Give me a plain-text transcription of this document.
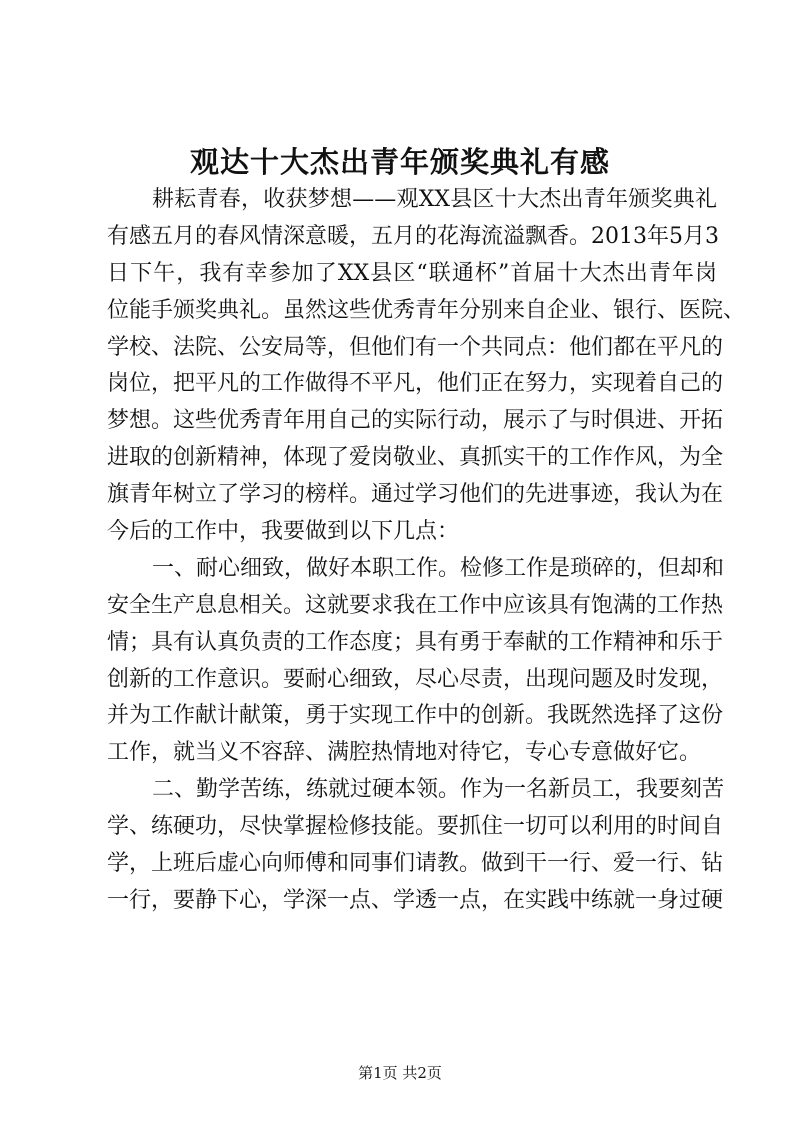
观达十大杰出青年颁奖典礼有感
耕耘青春，收获梦想——观XX县区十大杰出青年颁奖典礼
有感五月的春风情深意暖，五月的花海流溢飘香。2013年5月3
日下午，我有幸参加了XX县区“联通杯”首届十大杰出青年岗
位能手颁奖典礼。虽然这些优秀青年分别来自企业、银行、医院、
学校、法院、公安局等，但他们有一个共同点：他们都在平凡的
岗位，把平凡的工作做得不平凡，他们正在努力，实现着自己的
梦想。这些优秀青年用自己的实际行动，展示了与时俱进、开拓
进取的创新精神，体现了爱岗敬业、真抓实干的工作作风，为全
旗青年树立了学习的榜样。通过学习他们的先进事迹，我认为在
今后的工作中，我要做到以下几点：
一、耐心细致，做好本职工作。检修工作是琐碎的，但却和
安全生产息息相关。这就要求我在工作中应该具有饱满的工作热
情；具有认真负责的工作态度；具有勇于奉献的工作精神和乐于
创新的工作意识。要耐心细致，尽心尽责，出现问题及时发现，
并为工作献计献策，勇于实现工作中的创新。我既然选择了这份
工作，就当义不容辞、满腔热情地对待它，专心专意做好它。
二、勤学苦练，练就过硬本领。作为一名新员工，我要刻苦
学、练硬功，尽快掌握检修技能。要抓住一切可以利用的时间自
学，上班后虚心向师傅和同事们请教。做到干一行、爱一行、钻
一行，要静下心，学深一点、学透一点，在实践中练就一身过硬
第1页 共2页
